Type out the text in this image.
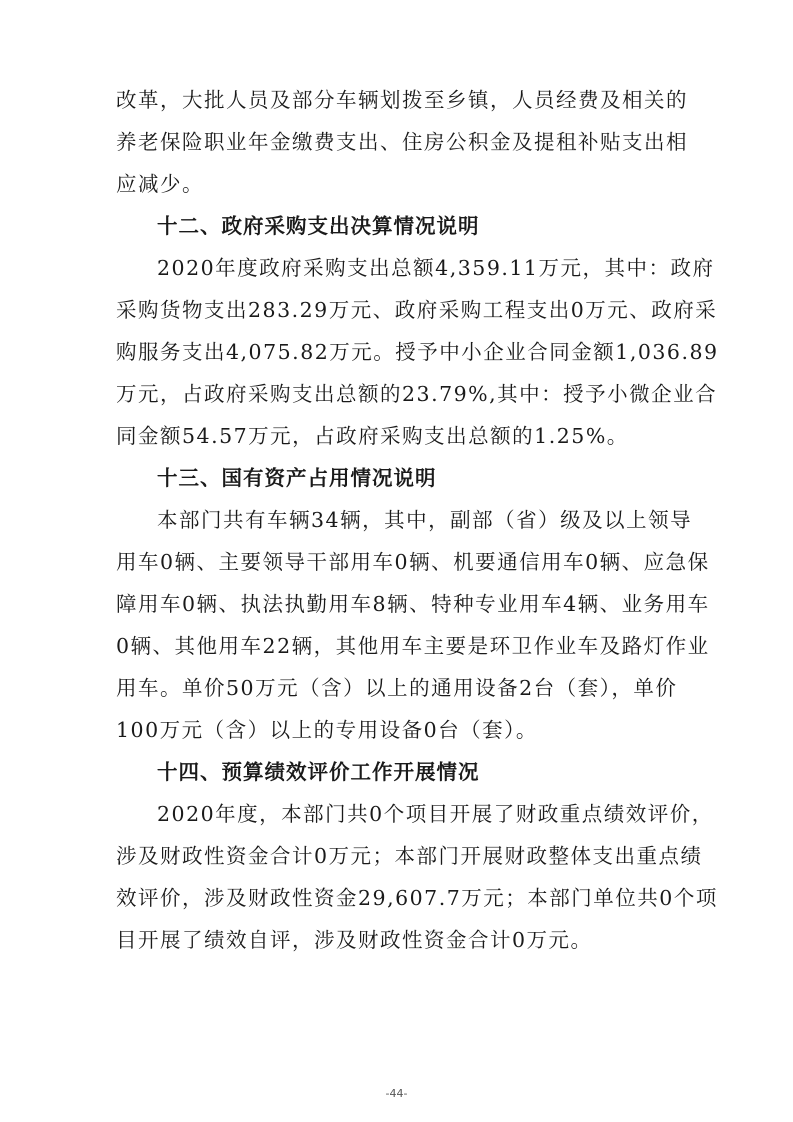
改革，大批人员及部分车辆划拨至乡镇，人员经费及相关的
养老保险职业年金缴费支出、住房公积金及提租补贴支出相
应减少。
十二、政府采购支出决算情况说明
2020年度政府采购支出总额4,359.11万元，其中：政府
采购货物支出283.29万元、政府采购工程支出0万元、政府采
购服务支出4,075.82万元。授予中小企业合同金额1,036.89
万元，占政府采购支出总额的23.79%,其中：授予小微企业合
同金额54.57万元，占政府采购支出总额的1.25%。
十三、国有资产占用情况说明
本部门共有车辆34辆，其中，副部（省）级及以上领导
用车0辆、主要领导干部用车0辆、机要通信用车0辆、应急保
障用车0辆、执法执勤用车8辆、特种专业用车4辆、业务用车
0辆、其他用车22辆，其他用车主要是环卫作业车及路灯作业
用车。单价50万元（含）以上的通用设备2台（套），单价
100万元（含）以上的专用设备0台（套）。
十四、预算绩效评价工作开展情况
2020年度，本部门共0个项目开展了财政重点绩效评价，
涉及财政性资金合计0万元；本部门开展财政整体支出重点绩
效评价，涉及财政性资金29,607.7万元；本部门单位共0个项
目开展了绩效自评，涉及财政性资金合计0万元。
-44-
